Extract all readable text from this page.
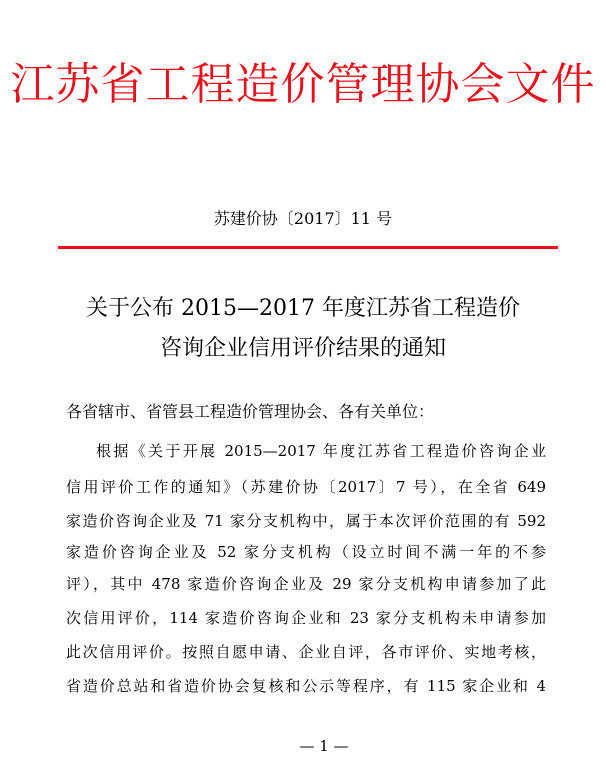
江苏省工程造价管理协会文件
苏建价协〔2017〕11 号
关于公布 2015—2017 年度江苏省工程造价
咨询企业信用评价结果的通知
各省辖市、省管县工程造价管理协会、各有关单位：
根据《关于开展 2015—2017 年度江苏省工程造价咨询企业
信用评价工作的通知》（苏建价协〔2017〕7 号），在全省 649
家造价咨询企业及 71 家分支机构中，属于本次评价范围的有 592
家造价咨询企业及 52 家分支机构（设立时间不满一年的不参
评），其中 478 家造价咨询企业及 29 家分支机构申请参加了此
次信用评价，114 家造价咨询企业和 23 家分支机构未申请参加
此次信用评价。按照自愿申请、企业自评，各市评价、实地考核，
省造价总站和省造价协会复核和公示等程序，有 115 家企业和 4
— 1 —
